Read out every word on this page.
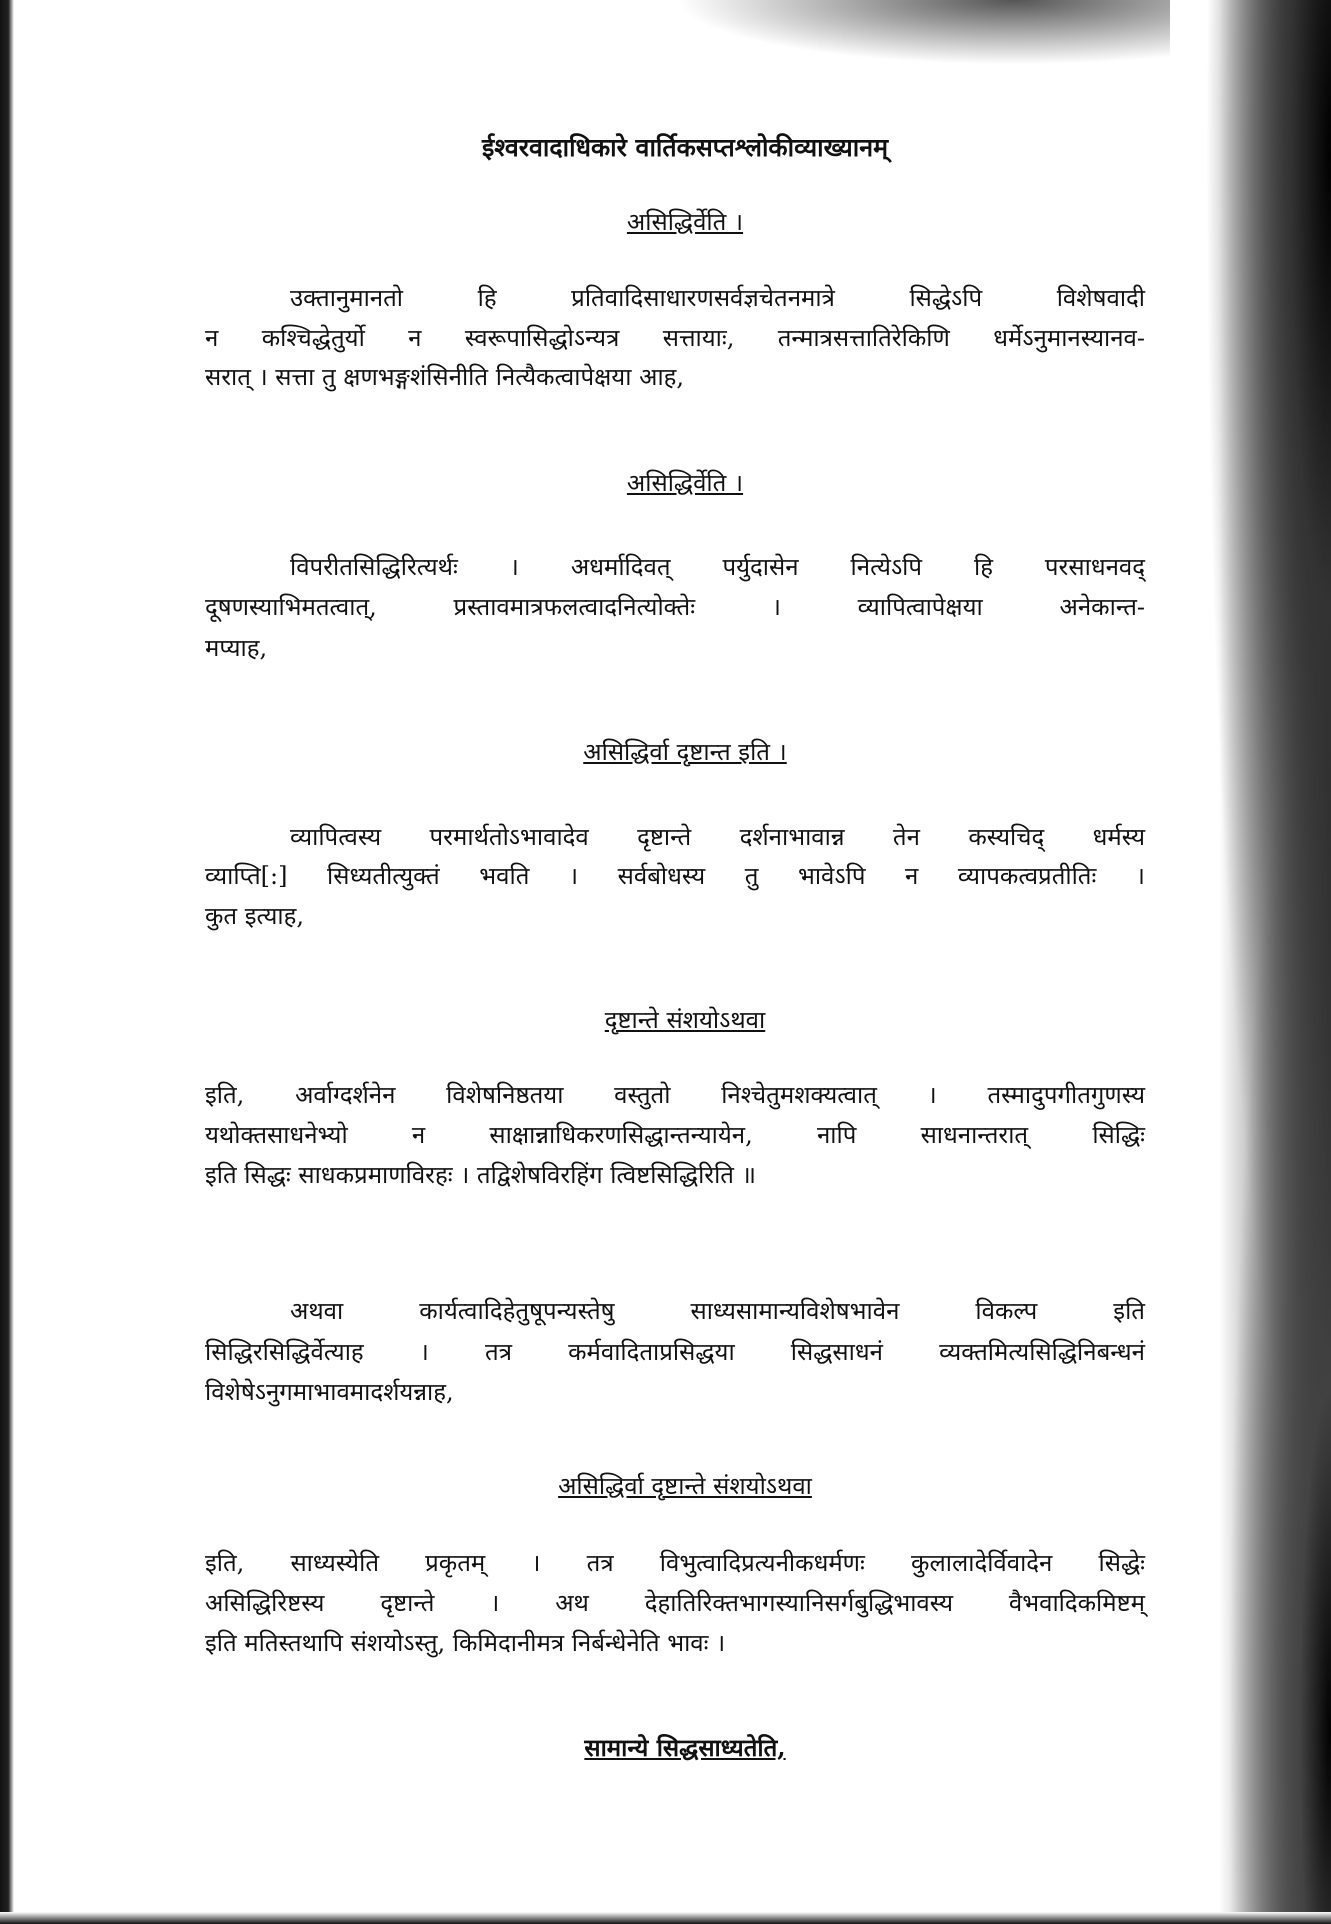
ईश्वरवादाधिकारे वार्तिकसप्तश्लोकीव्याख्यानम्
असिद्धिर्वेति ।
उक्तानुमानतो हि प्रतिवादिसाधारणसर्वज्ञचेतनमात्रे सिद्धेऽपि विशेषवादी
न कश्चिद्धेतुर्यो न स्वरूपासिद्धोऽन्यत्र सत्तायाः, तन्मात्रसत्तातिरेकिणि धर्मेऽनुमानस्यानव-
सरात् । सत्ता तु क्षणभङ्गशंसिनीति नित्यैकत्वापेक्षया आह,
असिद्धिर्वेति ।
विपरीतसिद्धिरित्यर्थः । अधर्मादिवत् पर्युदासेन नित्येऽपि हि परसाधनवद्
दूषणस्याभिमतत्वात्, प्रस्तावमात्रफलत्वादनित्योक्तेः । व्यापित्वापेक्षया अनेकान्त-
मप्याह,
असिद्धिर्वा दृष्टान्त इति ।
व्यापित्वस्य परमार्थतोऽभावादेव दृष्टान्ते दर्शनाभावान्न तेन कस्यचिद् धर्मस्य
व्याप्ति[:] सिध्यतीत्युक्तं भवति । सर्वबोधस्य तु भावेऽपि न व्यापकत्वप्रतीतिः ।
कुत इत्याह,
दृष्टान्ते संशयोऽथवा
इति, अर्वाग्दर्शनेन विशेषनिष्ठतया वस्तुतो निश्चेतुमशक्यत्वात् । तस्मादुपगीतगुणस्य
यथोक्तसाधनेभ्यो न साक्षान्नाधिकरणसिद्धान्तन्यायेन, नापि साधनान्तरात् सिद्धिः
इति सिद्धः साधकप्रमाणविरहः । तद्विशेषविरहिंग त्विष्टसिद्धिरिति ॥
अथवा कार्यत्वादिहेतुषूपन्यस्तेषु साध्यसामान्यविशेषभावेन विकल्प इति
सिद्धिरसिद्धिर्वेत्याह । तत्र कर्मवादिताप्रसिद्धया सिद्धसाधनं व्यक्तमित्यसिद्धिनिबन्धनं
विशेषेऽनुगमाभावमादर्शयन्नाह,
असिद्धिर्वा दृष्टान्ते संशयोऽथवा
इति, साध्यस्येति प्रकृतम् । तत्र विभुत्वादिप्रत्यनीकधर्मणः कुलालादेर्विवादेन सिद्धेः
असिद्धिरिष्टस्य दृष्टान्ते । अथ देहातिरिक्तभागस्यानिसर्गबुद्धिभावस्य वैभवादिकमिष्टम्
इति मतिस्तथापि संशयोऽस्तु, किमिदानीमत्र निर्बन्धेनेति भावः ।
सामान्ये सिद्धसाध्यतेति,
